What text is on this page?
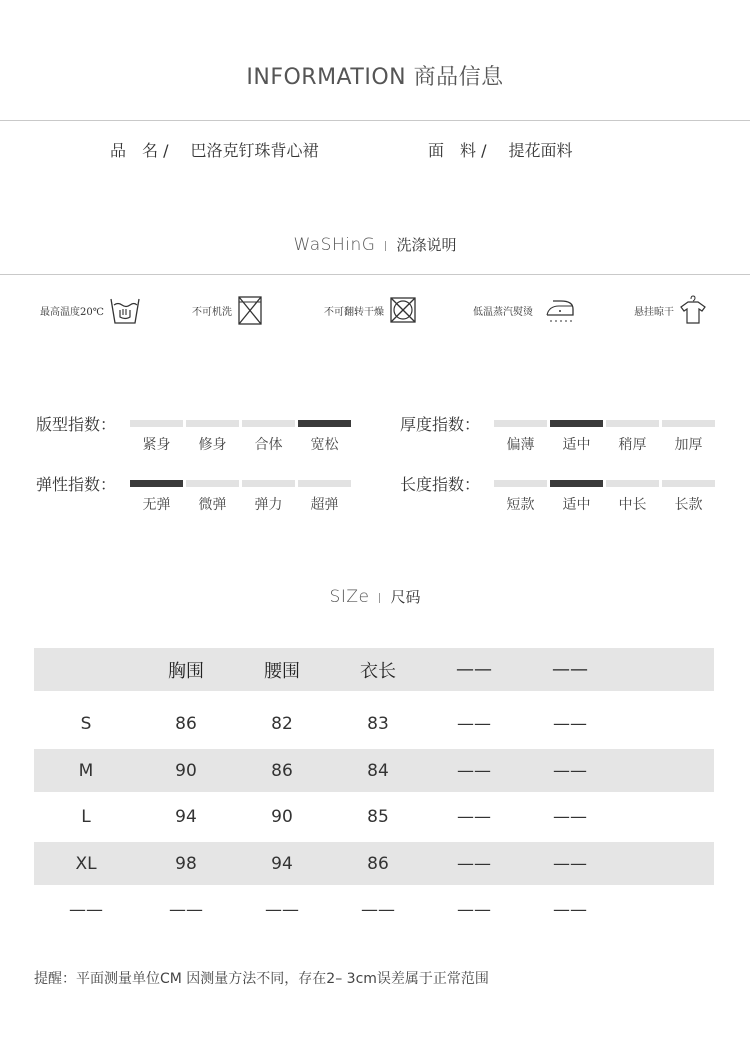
INFORMATION 商品信息
品　名 / 巴洛克钉珠背心裙	面　料 / 提花面料
WaSHinG 洗涤说明
最高温度20℃	不可机洗	不可翻转干燥	低温蒸汽熨烫	悬挂晾干
版型指数：
紧身	修身	合体	宽松
厚度指数：
偏薄	适中	稍厚	加厚
弹性指数：
无弹	微弹	弹力	超弹
长度指数：
短款	适中	中长	长款
SIZe 尺码
	胸围	腰围	衣长	——	——	

S	86	82	83	——	——	
M	90	86	84	——	——	
L	94	90	85	——	——	
XL	98	94	86	——	——	
——	——	——	——	——	——	
提醒：平面测量单位CM 因测量方法不同，存在2– 3cm误差属于正常范围
